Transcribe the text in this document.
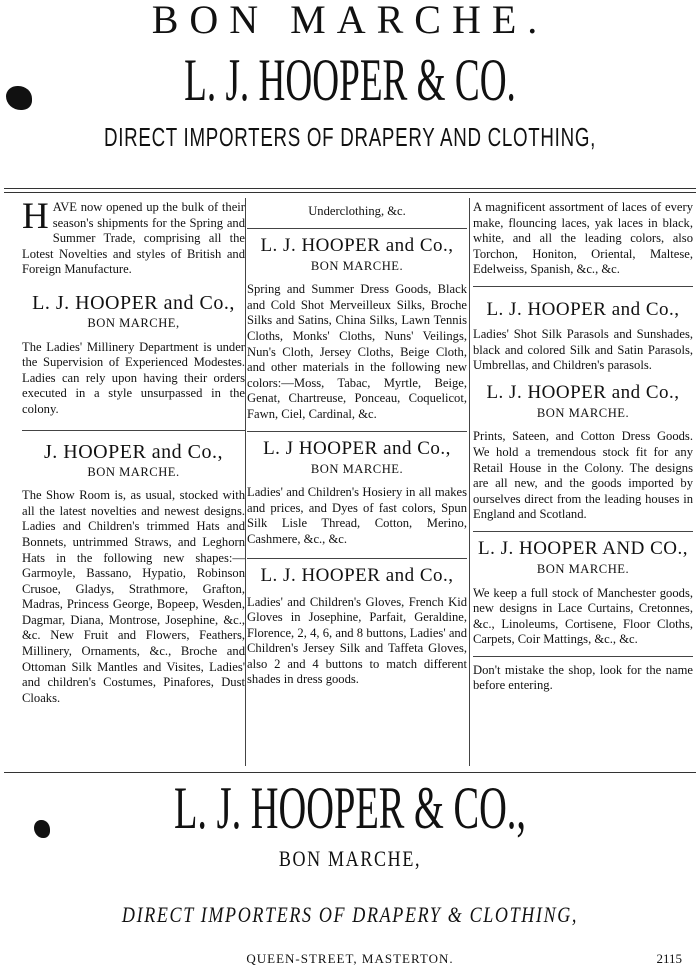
BON MARCHE.
L. J. HOOPER & CO.
DIRECT IMPORTERS OF DRAPERY AND CLOTHING,

HAVE now opened up the bulk of their season's shipments for the Spring and Summer Trade, comprising all the Lotest Novelties and styles of British and Foreign Manufacture.

L. J. HOOPER and Co.,
BON MARCHE,

The Ladies' Millinery Department is under the Supervision of Experienced Modestes. Ladies can rely upon having their orders executed in a style unsurpassed in the colony.

J. HOOPER and Co.,
BON MARCHE.

The Show Room is, as usual, stocked with all the latest novelties and newest designs. Ladies and Children's trimmed Hats and Bonnets, untrimmed Straws, and Leghorn Hats in the following new shapes:—Garmoyle, Bassano, Hypatio, Robinson Crusoe, Gladys, Strathmore, Grafton, Madras, Princess George, Bopeep, Wesden, Dagmar, Diana, Montrose, Josephine, &c., &c. New Fruit and Flowers, Feathers, Millinery, Ornaments, &c., Broche and Ottoman Silk Mantles and Visites, Ladies' and children's Costumes, Pinafores, Dust Cloaks.

Underclothing, &c.

L. J. HOOPER and Co.,
BON MARCHE.

Spring and Summer Dress Goods, Black and Cold Shot Merveilleux Silks, Broche Silks and Satins, China Silks, Lawn Tennis Cloths, Monks' Cloths, Nuns' Veilings, Nun's Cloth, Jersey Cloths, Beige Cloth, and other materials in the following new colors:—Moss, Tabac, Myrtle, Beige, Genat, Chartreuse, Ponceau, Coquelicot, Fawn, Ciel, Cardinal, &c.

L. J HOOPER and Co.,
BON MARCHE.

Ladies' and Children's Hosiery in all makes and prices, and Dyes of fast colors, Spun Silk Lisle Thread, Cotton, Merino, Cashmere, &c., &c.

L. J. HOOPER and Co.,

Ladies' and Children's Gloves, French Kid Gloves in Josephine, Parfait, Geraldine, Florence, 2, 4, 6, and 8 buttons, Ladies' and Children's Jersey Silk and Taffeta Gloves, also 2 and 4 buttons to match different shades in dress goods.

A magnificent assortment of laces of every make, flouncing laces, yak laces in black, white, and all the leading colors, also Torchon, Honiton, Oriental, Maltese, Edelweiss, Spanish, &c., &c.

L. J. HOOPER and Co.,

Ladies' Shot Silk Parasols and Sunshades, black and colored Silk and Satin Parasols, Umbrellas, and Children's parasols.

L. J. HOOPER and Co.,
BON MARCHE.

Prints, Sateen, and Cotton Dress Goods. We hold a tremendous stock fit for any Retail House in the Colony. The designs are all new, and the goods imported by ourselves direct from the leading houses in England and Scotland.

L. J. HOOPER AND CO.,
BON MARCHE.

We keep a full stock of Manchester goods, new designs in Lace Curtains, Cretonnes, &c., Linoleums, Cortisene, Floor Cloths, Carpets, Coir Mattings, &c., &c.

Don't mistake the shop, look for the name before entering.

L. J. HOOPER & CO.,
BON MARCHE,
DIRECT IMPORTERS OF DRAPERY & CLOTHING,
QUEEN-STREET, MASTERTON.	2115
